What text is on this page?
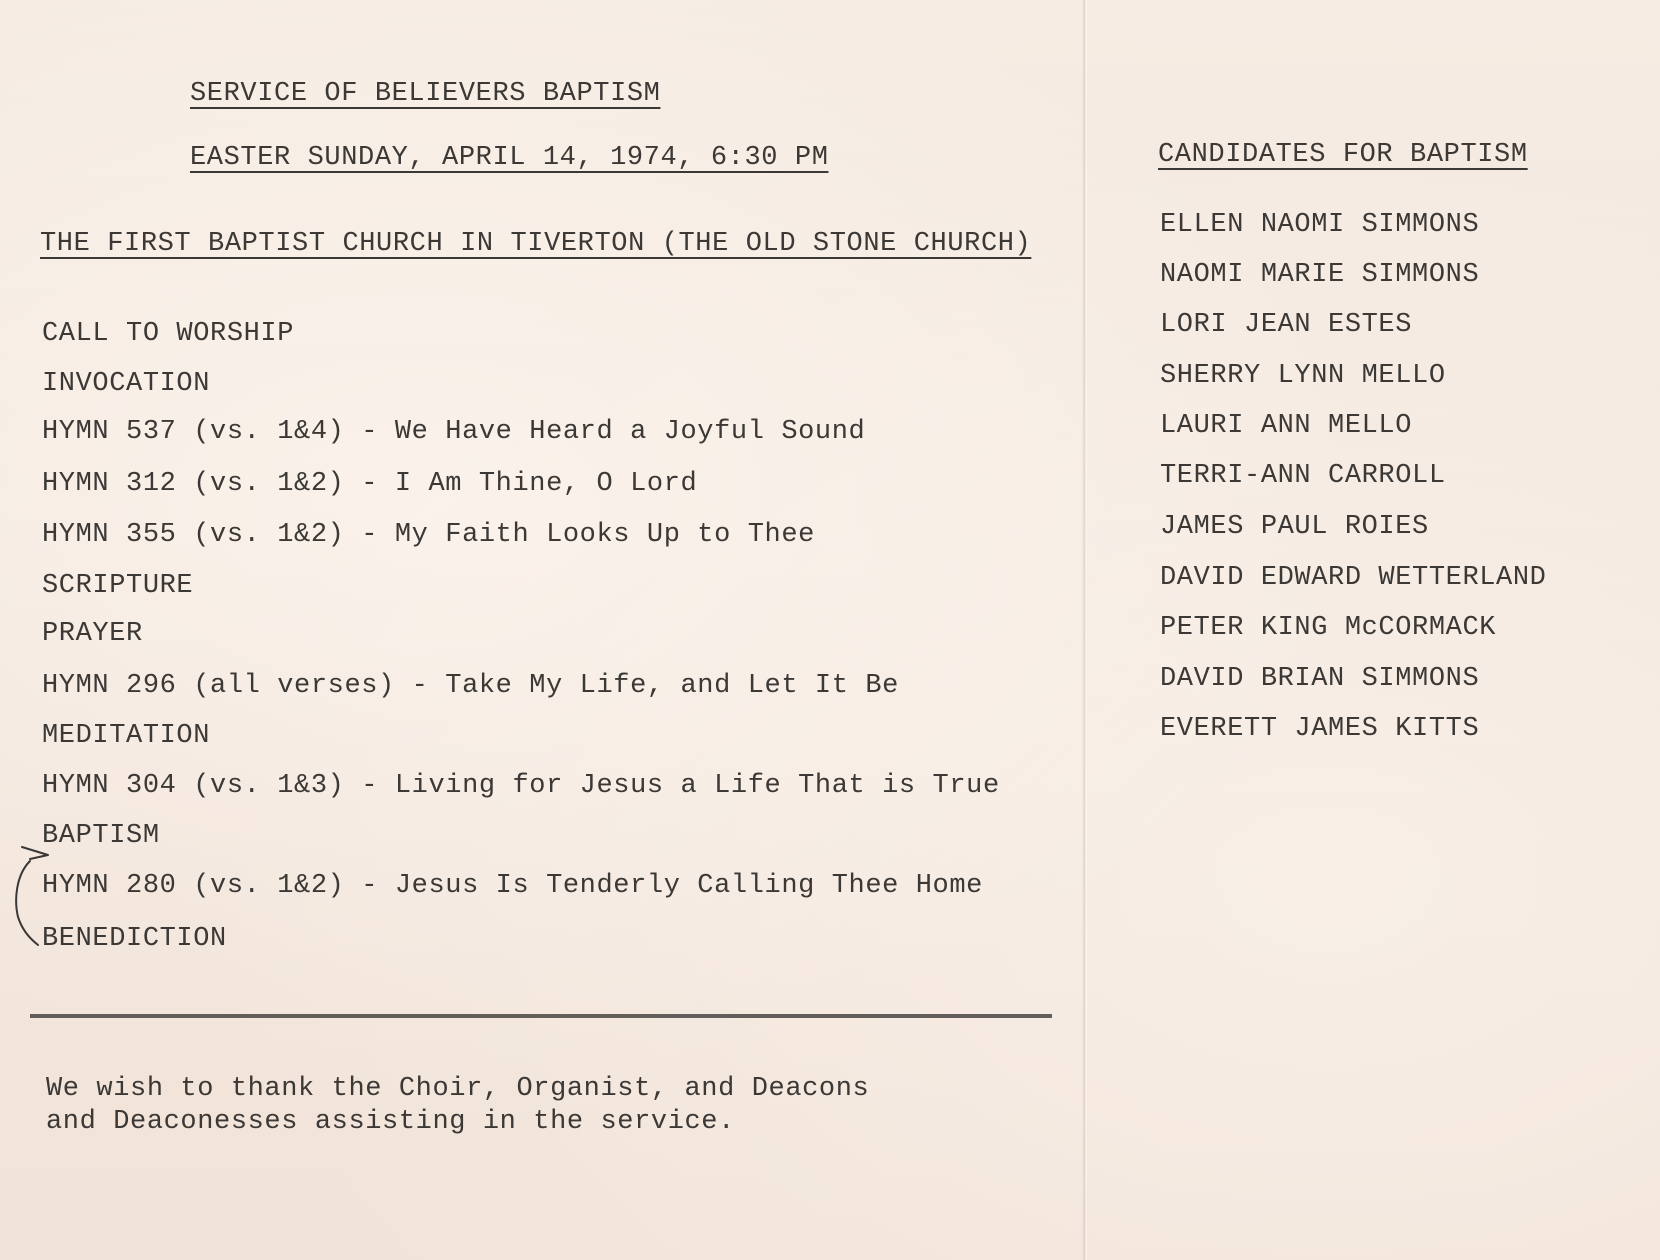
SERVICE OF BELIEVERS BAPTISM
EASTER SUNDAY, APRIL 14, 1974, 6:30 PM
THE FIRST BAPTIST CHURCH IN TIVERTON (THE OLD STONE CHURCH)
CALL TO WORSHIP
INVOCATION
HYMN 537 (vs. 1&4) - We Have Heard a Joyful Sound
HYMN 312 (vs. 1&2) - I Am Thine, O Lord
HYMN 355 (vs. 1&2) - My Faith Looks Up to Thee
SCRIPTURE
PRAYER
HYMN 296 (all verses) - Take My Life, and Let It Be
MEDITATION
HYMN 304 (vs. 1&3) - Living for Jesus a Life That is True
BAPTISM
HYMN 280 (vs. 1&2) - Jesus Is Tenderly Calling Thee Home
BENEDICTION
CANDIDATES FOR BAPTISM
ELLEN NAOMI SIMMONS
NAOMI MARIE SIMMONS
LORI JEAN ESTES
SHERRY LYNN MELLO
LAURI ANN MELLO
TERRI-ANN CARROLL
JAMES PAUL ROIES
DAVID EDWARD WETTERLAND
PETER KING McCORMACK
DAVID BRIAN SIMMONS
EVERETT JAMES KITTS
We wish to thank the Choir, Organist, and Deacons
and Deaconesses assisting in the service.
